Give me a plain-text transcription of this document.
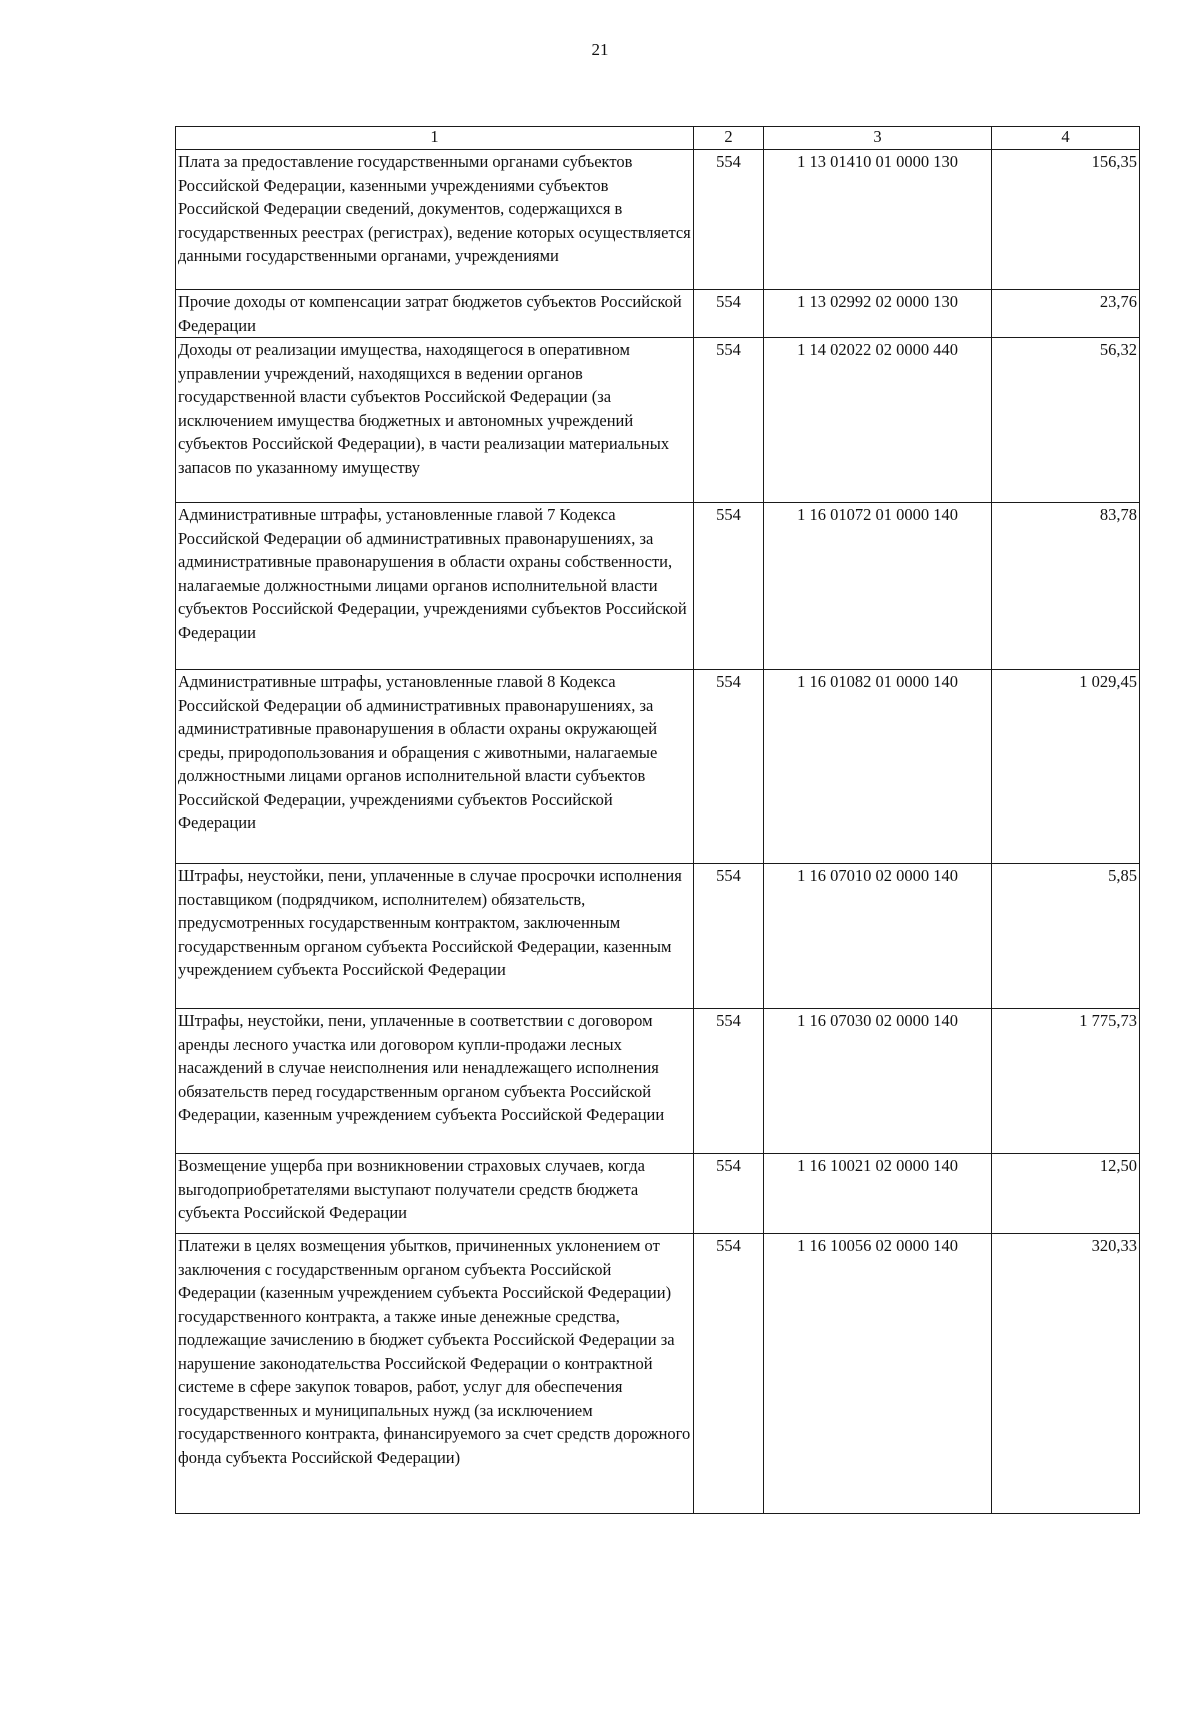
21
1	2	3	4
Плата за предоставление государственными органами субъектов Российской Федерации, казенными учреждениями субъектов Российской Федерации сведений, документов, содержащихся в государственных реестрах (регистрах), ведение которых осуществляется данными государственными органами, учреждениями	554	1 13 01410 01 0000 130	156,35
Прочие доходы от компенсации затрат бюджетов субъектов Российской Федерации	554	1 13 02992 02 0000 130	23,76
Доходы от реализации имущества, находящегося в оперативном управлении учреждений, находящихся в ведении органов государственной власти субъектов Российской Федерации (за исключением имущества бюджетных и автономных учреждений субъектов Российской Федерации), в части реализации материальных запасов по указанному имуществу	554	1 14 02022 02 0000 440	56,32
Административные штрафы, установленные главой 7 Кодекса Российской Федерации об административных правонарушениях, за административные правонарушения в области охраны собственности, налагаемые должностными лицами органов исполнительной власти субъектов Российской Федерации, учреждениями субъектов Российской Федерации	554	1 16 01072 01 0000 140	83,78
Административные штрафы, установленные главой 8 Кодекса Российской Федерации об административных правонарушениях, за административные правонарушения в области охраны окружающей среды, природопользования и обращения с животными, налагаемые должностными лицами органов исполнительной власти субъектов Российской Федерации, учреждениями субъектов Российской Федерации	554	1 16 01082 01 0000 140	1 029,45
Штрафы, неустойки, пени, уплаченные в случае просрочки исполнения поставщиком (подрядчиком, исполнителем) обязательств, предусмотренных государственным контрактом, заключенным государственным органом субъекта Российской Федерации, казенным учреждением субъекта Российской Федерации	554	1 16 07010 02 0000 140	5,85
Штрафы, неустойки, пени, уплаченные в соответствии с договором аренды лесного участка или договором купли-продажи лесных насаждений в случае неисполнения или ненадлежащего исполнения обязательств перед государственным органом субъекта Российской Федерации, казенным учреждением субъекта Российской Федерации	554	1 16 07030 02 0000 140	1 775,73
Возмещение ущерба при возникновении страховых случаев, когда выгодоприобретателями выступают получатели средств бюджета субъекта Российской Федерации	554	1 16 10021 02 0000 140	12,50
Платежи в целях возмещения убытков, причиненных уклонением от заключения с государственным органом субъекта Российской Федерации (казенным учреждением субъекта Российской Федерации) государственного контракта, а также иные денежные средства, подлежащие зачислению в бюджет субъекта Российской Федерации за нарушение законодательства Российской Федерации о контрактной системе в сфере закупок товаров, работ, услуг для обеспечения государственных и муниципальных нужд (за исключением государственного контракта, финансируемого за счет средств дорожного фонда субъекта Российской Федерации)	554	1 16 10056 02 0000 140	320,33
